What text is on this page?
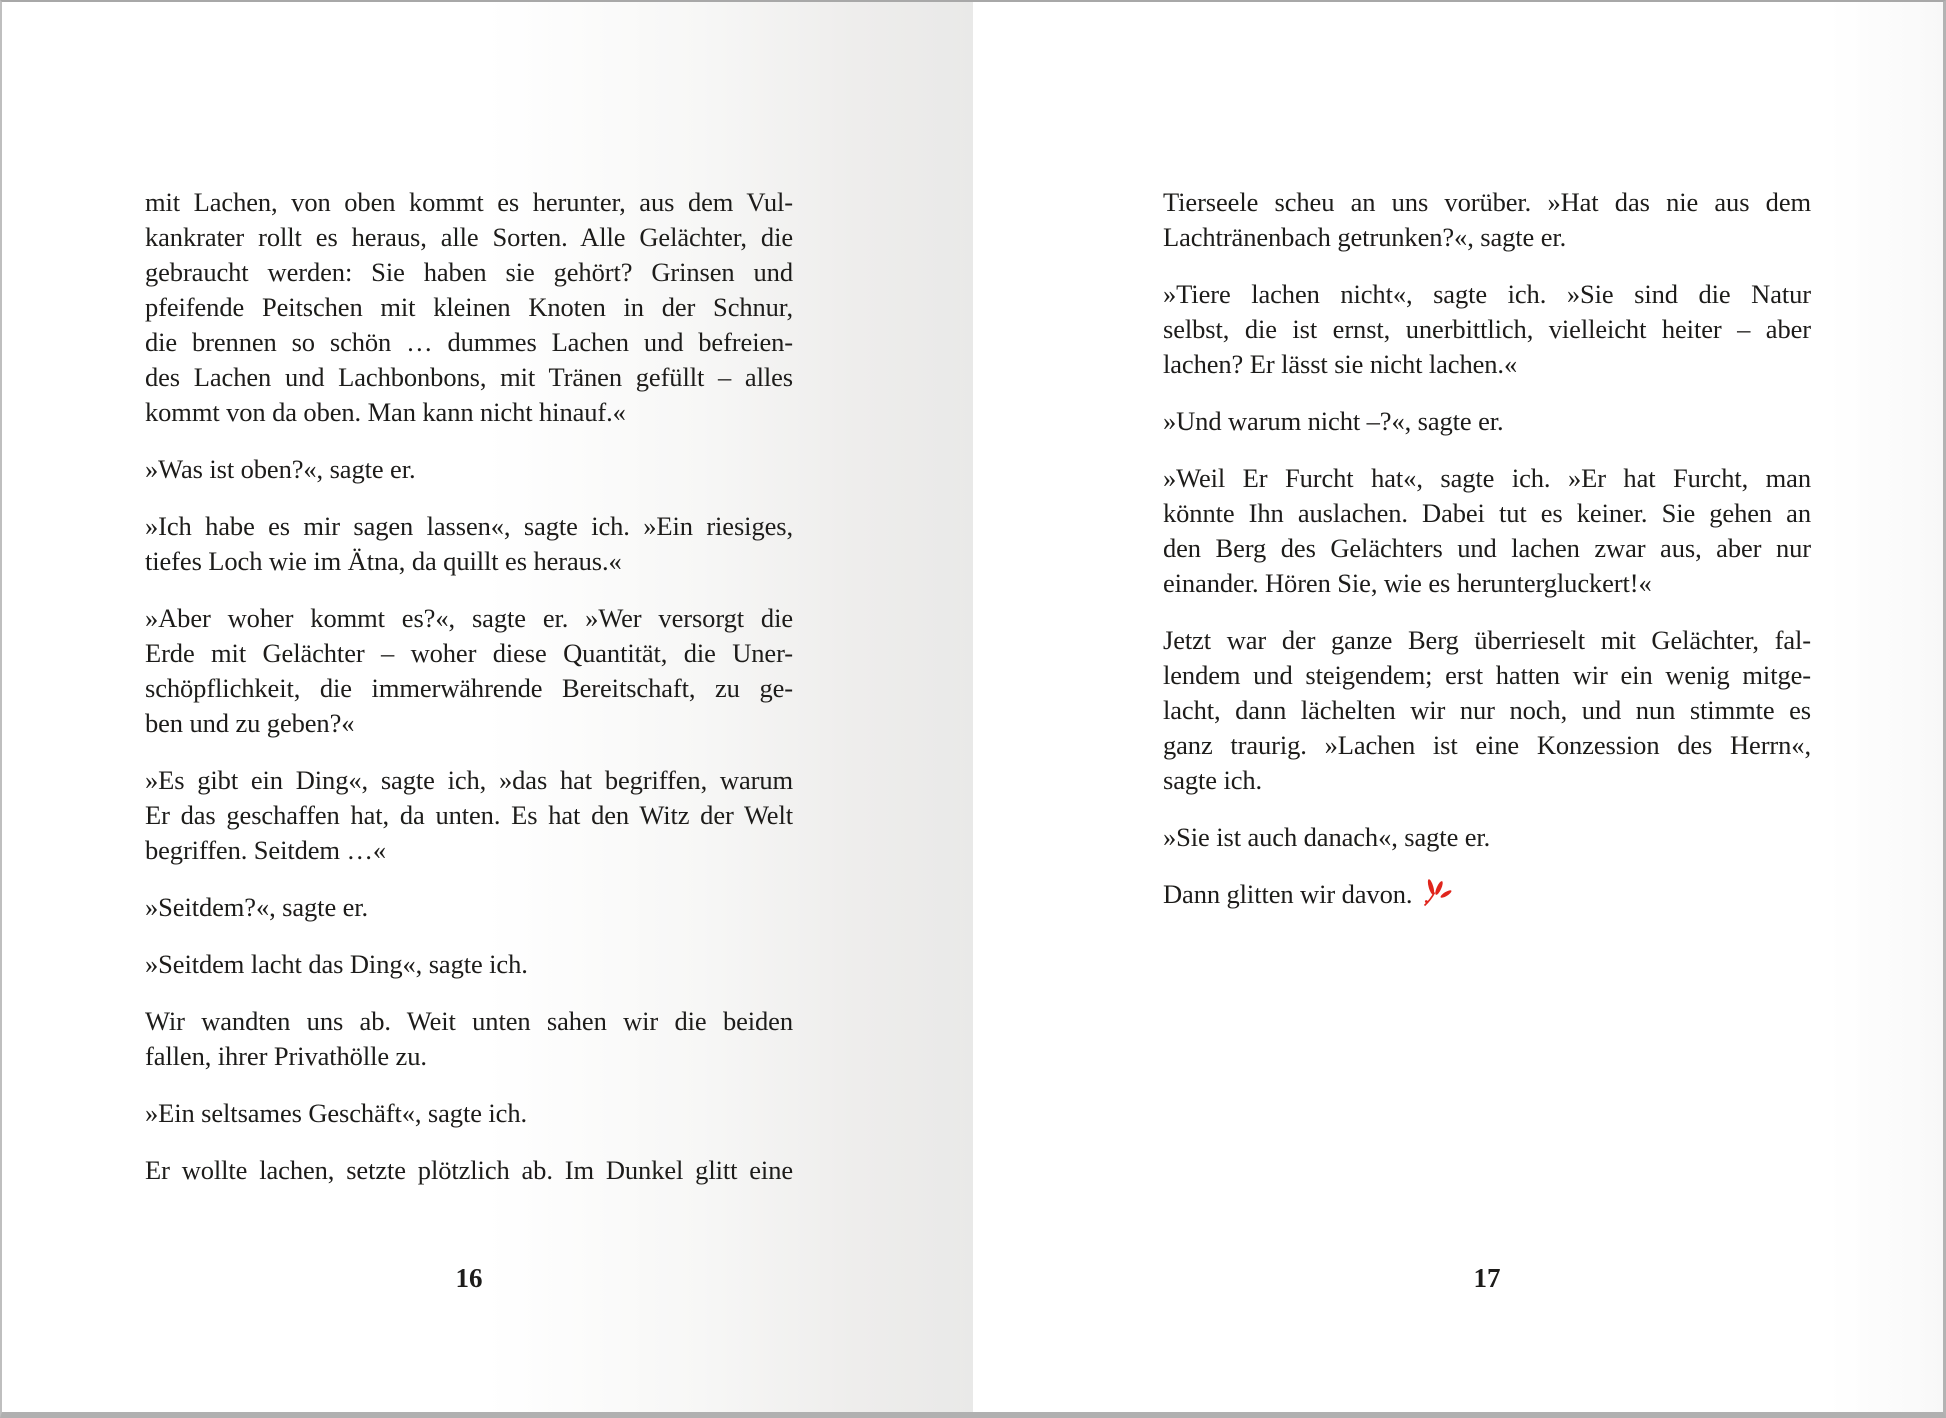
mit Lachen, von oben kommt es herunter, aus dem Vul-
kankrater rollt es heraus, alle Sorten. Alle Gelächter, die
gebraucht werden: Sie haben sie gehört? Grinsen und
pfeifende Peitschen mit kleinen Knoten in der Schnur,
die brennen so schön … dummes Lachen und befreien-
des Lachen und Lachbonbons, mit Tränen gefüllt – alles
kommt von da oben. Man kann nicht hinauf.«
»Was ist oben?«, sagte er.
»Ich habe es mir sagen lassen«, sagte ich. »Ein riesiges,
tiefes Loch wie im Ätna, da quillt es heraus.«
»Aber woher kommt es?«, sagte er. »Wer versorgt die
Erde mit Gelächter – woher diese Quantität, die Uner-
schöpflichkeit, die immerwährende Bereitschaft, zu ge-
ben und zu geben?«
»Es gibt ein Ding«, sagte ich, »das hat begriffen, warum
Er das geschaffen hat, da unten. Es hat den Witz der Welt
begriffen. Seitdem …«
»Seitdem?«, sagte er.
»Seitdem lacht das Ding«, sagte ich.
Wir wandten uns ab. Weit unten sahen wir die beiden
fallen, ihrer Privathölle zu.
»Ein seltsames Geschäft«, sagte ich.
Er wollte lachen, setzte plötzlich ab. Im Dunkel glitt eine
16
Tierseele scheu an uns vorüber. »Hat das nie aus dem
Lachtränenbach getrunken?«, sagte er.
»Tiere lachen nicht«, sagte ich. »Sie sind die Natur
selbst, die ist ernst, unerbittlich, vielleicht heiter – aber
lachen? Er lässt sie nicht lachen.«
»Und warum nicht –?«, sagte er.
»Weil Er Furcht hat«, sagte ich. »Er hat Furcht, man
könnte Ihn auslachen. Dabei tut es keiner. Sie gehen an
den Berg des Gelächters und lachen zwar aus, aber nur
einander. Hören Sie, wie es heruntergluckert!«
Jetzt war der ganze Berg überrieselt mit Gelächter, fal-
lendem und steigendem; erst hatten wir ein wenig mitge-
lacht, dann lächelten wir nur noch, und nun stimmte es
ganz traurig. »Lachen ist eine Konzession des Herrn«,
sagte ich.
»Sie ist auch danach«, sagte er.
Dann glitten wir davon.
17
